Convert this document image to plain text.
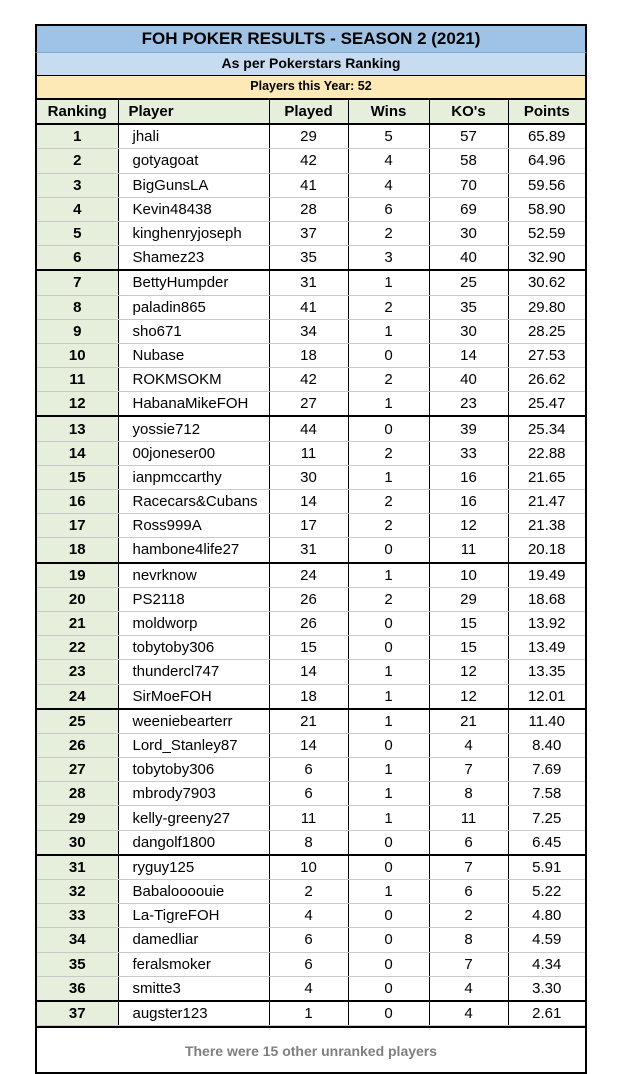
FOH POKER RESULTS - SEASON 2 (2021)
As per Pokerstars Ranking
Players this Year: 52
Ranking	Player	Played	Wins	KO's	Points
1	jhali	29	5	57	65.89
2	gotyagoat	42	4	58	64.96
3	BigGunsLA	41	4	70	59.56
4	Kevin48438	28	6	69	58.90
5	kinghenryjoseph	37	2	30	52.59
6	Shamez23	35	3	40	32.90
7	BettyHumpder	31	1	25	30.62
8	paladin865	41	2	35	29.80
9	sho671	34	1	30	28.25
10	Nubase	18	0	14	27.53
11	ROKMSOKM	42	2	40	26.62
12	HabanaMikeFOH	27	1	23	25.47
13	yossie712	44	0	39	25.34
14	00joneser00	11	2	33	22.88
15	ianpmccarthy	30	1	16	21.65
16	Racecars&Cubans	14	2	16	21.47
17	Ross999A	17	2	12	21.38
18	hambone4life27	31	0	11	20.18
19	nevrknow	24	1	10	19.49
20	PS2118	26	2	29	18.68
21	moldworp	26	0	15	13.92
22	tobytoby306	15	0	15	13.49
23	thundercl747	14	1	12	13.35
24	SirMoeFOH	18	1	12	12.01
25	weeniebearterr	21	1	21	11.40
26	Lord_Stanley87	14	0	4	8.40
27	tobytoby306	6	1	7	7.69
28	mbrody7903	6	1	8	7.58
29	kelly-greeny27	11	1	11	7.25
30	dangolf1800	8	0	6	6.45
31	ryguy125	10	0	7	5.91
32	Babaloooouie	2	1	6	5.22
33	La-TigreFOH	4	0	2	4.80
34	damedliar	6	0	8	4.59
35	feralsmoker	6	0	7	4.34
36	smitte3	4	0	4	3.30
37	augster123	1	0	4	2.61
There were 15 other unranked players
